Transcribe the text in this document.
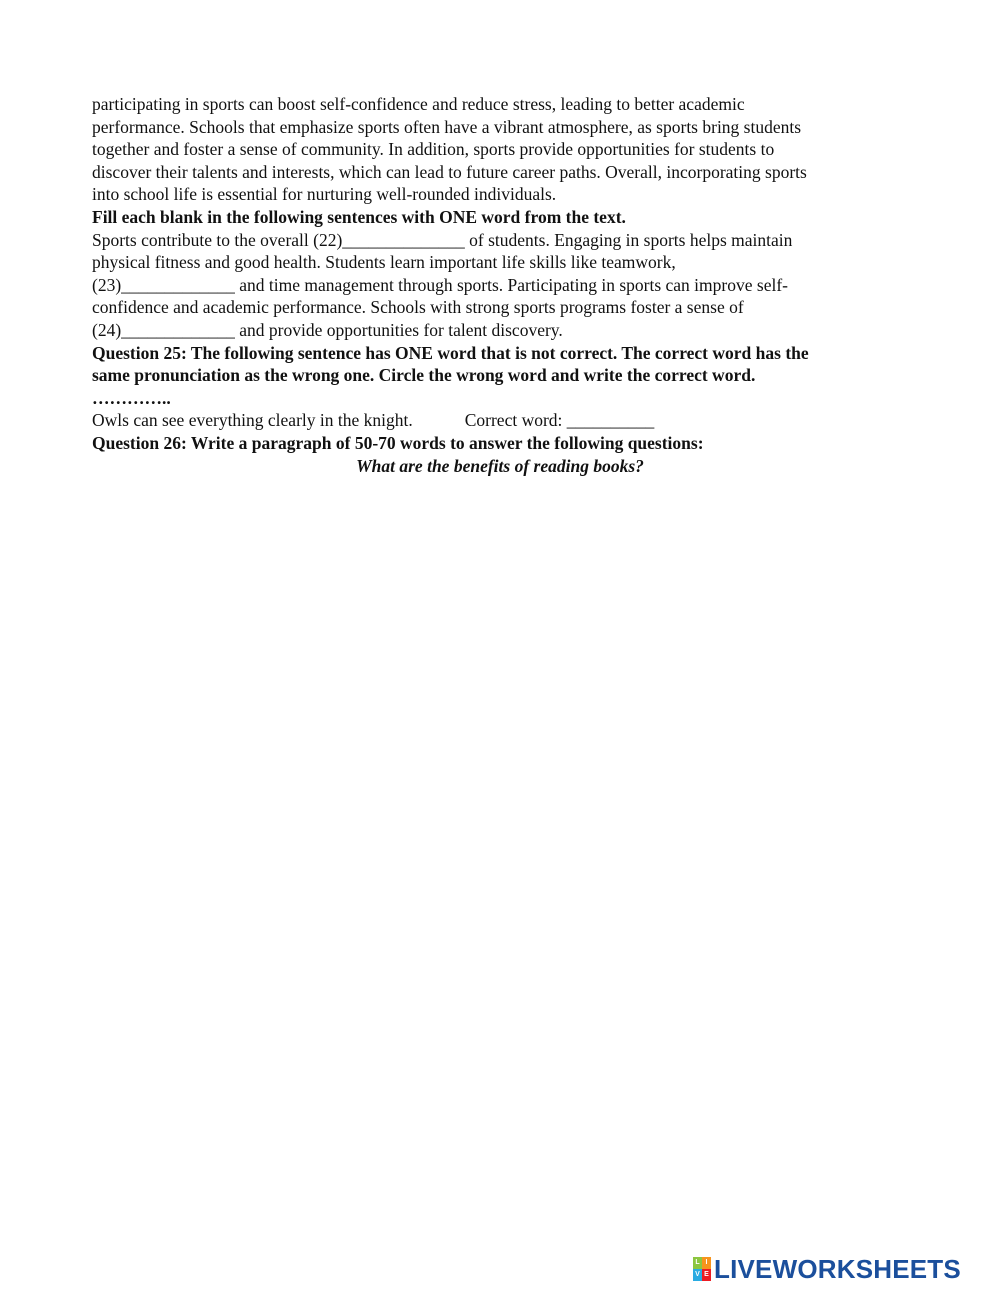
participating in sports can boost self-confidence and reduce stress, leading to better academic
performance. Schools that emphasize sports often have a vibrant atmosphere, as sports bring students
together and foster a sense of community. In addition, sports provide opportunities for students to
discover their talents and interests, which can lead to future career paths. Overall, incorporating sports
into school life is essential for nurturing well-rounded individuals.
Fill each blank in the following sentences with ONE word from the text.
Sports contribute to the overall (22)______________ of students. Engaging in sports helps maintain
physical fitness and good health. Students learn important life skills like teamwork,
(23)_____________ and time management through sports. Participating in sports can improve self-
confidence and academic performance. Schools with strong sports programs foster a sense of
(24)_____________ and provide opportunities for talent discovery.
Question 25: The following sentence has ONE word that is not correct. The correct word has the
same pronunciation as the wrong one. Circle the wrong word and write the correct word.
…………..
Owls can see everything clearly in the knight.	Correct word: __________
Question 26: Write a paragraph of 50-70 words to answer the following questions:
What are the benefits of reading books?
L I
V E LIVEWORKSHEETS
